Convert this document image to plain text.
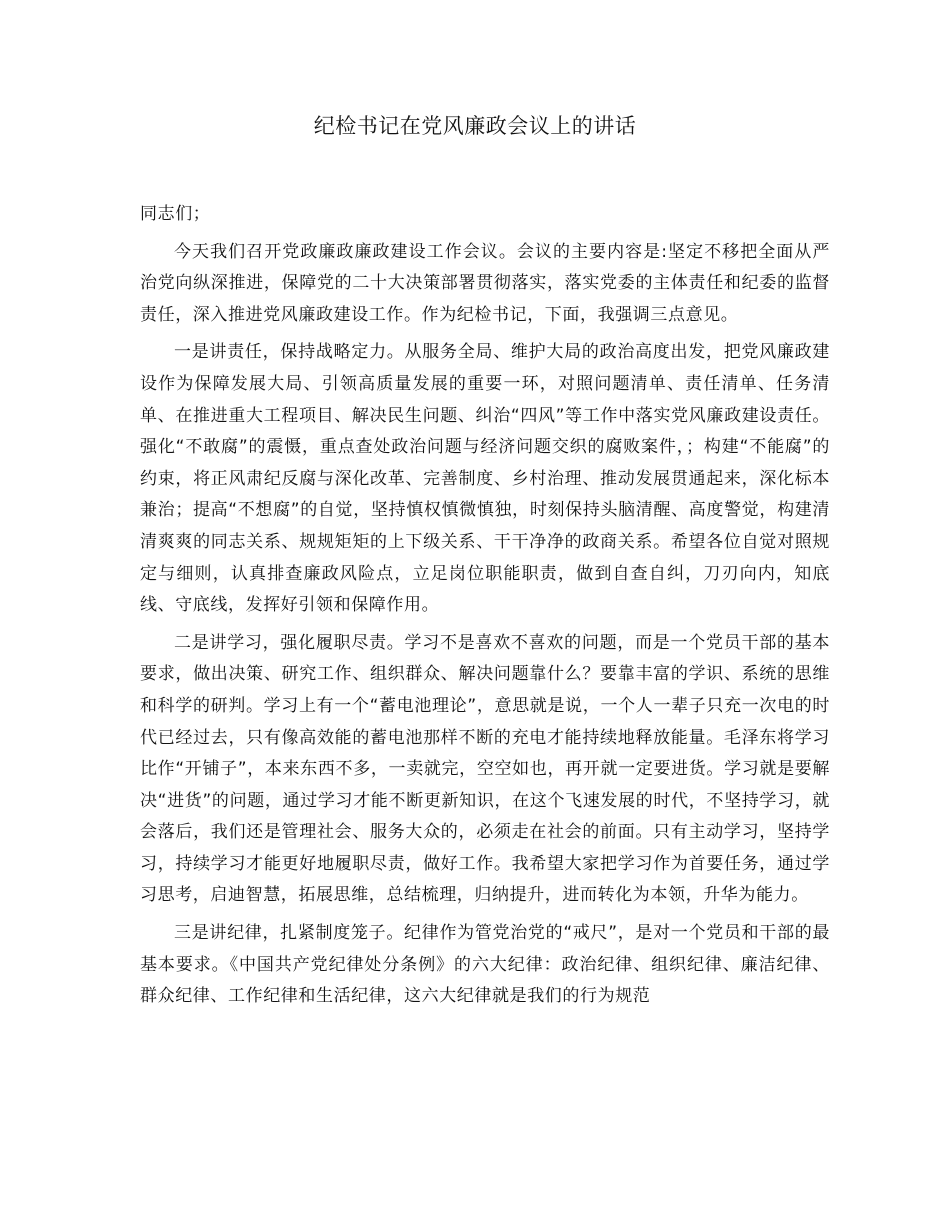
纪检书记在党风廉政会议上的讲话

同志们；

今天我们召开党政廉政廉政建设工作会议。会议的主要内容是:坚定不移把全面从严治党向纵深推进，保障党的二十大决策部署贯彻落实，落实党委的主体责任和纪委的监督责任，深入推进党风廉政建设工作。作为纪检书记，下面，我强调三点意见。

一是讲责任，保持战略定力。从服务全局、维护大局的政治高度出发，把党风廉政建设作为保障发展大局、引领高质量发展的重要一环，对照问题清单、责任清单、任务清单、在推进重大工程项目、解决民生问题、纠治“四风”等工作中落实党风廉政建设责任。强化“不敢腐”的震慑，重点查处政治问题与经济问题交织的腐败案件，；构建“不能腐”的约束，将正风肃纪反腐与深化改革、完善制度、乡村治理、推动发展贯通起来，深化标本兼治；提高“不想腐”的自觉，坚持慎权慎微慎独，时刻保持头脑清醒、高度警觉，构建清清爽爽的同志关系、规规矩矩的上下级关系、干干净净的政商关系。希望各位自觉对照规定与细则，认真排查廉政风险点，立足岗位职能职责，做到自查自纠，刀刃向内，知底线、守底线，发挥好引领和保障作用。

二是讲学习，强化履职尽责。学习不是喜欢不喜欢的问题，而是一个党员干部的基本要求，做出决策、研究工作、组织群众、解决问题靠什么？要靠丰富的学识、系统的思维和科学的研判。学习上有一个“蓄电池理论”，意思就是说，一个人一辈子只充一次电的时代已经过去，只有像高效能的蓄电池那样不断的充电才能持续地释放能量。毛泽东将学习比作“开铺子”，本来东西不多，一卖就完，空空如也，再开就一定要进货。学习就是要解决“进货”的问题，通过学习才能不断更新知识，在这个飞速发展的时代，不坚持学习，就会落后，我们还是管理社会、服务大众的，必须走在社会的前面。只有主动学习，坚持学习，持续学习才能更好地履职尽责，做好工作。我希望大家把学习作为首要任务，通过学习思考，启迪智慧，拓展思维，总结梳理，归纳提升，进而转化为本领，升华为能力。

三是讲纪律，扎紧制度笼子。纪律作为管党治党的“戒尺”，是对一个党员和干部的最基本要求。《中国共产党纪律处分条例》的六大纪律：政治纪律、组织纪律、廉洁纪律、群众纪律、工作纪律和生活纪律，这六大纪律就是我们的行为规范
